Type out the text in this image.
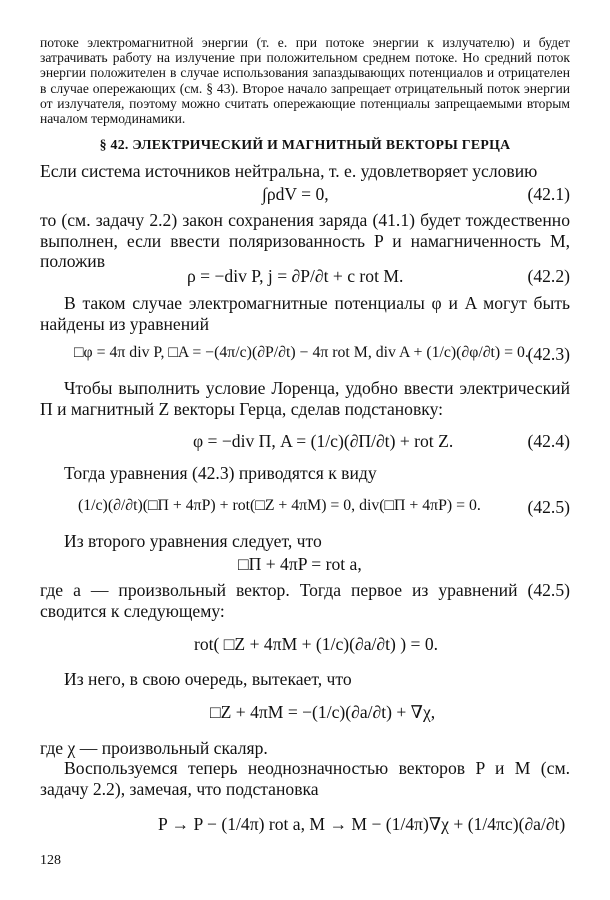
потоке электромагнитной энергии (т. е. при потоке энергии к излучателю) и будет затрачивать работу на излучение при положительном среднем потоке. Но средний поток энергии положителен в случае использования запаздывающих потенциалов и отрицателен в случае опережающих (см. § 43). Второе начало запрещает отрицательный поток энергии от излучателя, поэтому можно считать опережающие потенциалы запрещаемыми вторым началом термодинамики.
§ 42. ЭЛЕКТРИЧЕСКИЙ И МАГНИТНЫЙ ВЕКТОРЫ ГЕРЦА
Если система источников нейтральна, т. е. удовлетворяет условию
∫ρdV = 0,	(42.1)
то (см. задачу 2.2) закон сохранения заряда (41.1) будет тождественно выполнен, если ввести поляризованность P и намагниченность M, положив
ρ = −div P, j = ∂P/∂t + c rot M.	(42.2)
В таком случае электромагнитные потенциалы φ и A могут быть найдены из уравнений
□φ = 4π div P, □A = −(4π/c)(∂P/∂t) − 4π rot M, div A + (1/c)(∂φ/∂t) = 0.
(42.3)
Чтобы выполнить условие Лоренца, удобно ввести электрический Π и магнитный Z векторы Герца, сделав подстановку:
φ = −div Π, A = (1/c)(∂Π/∂t) + rot Z.	(42.4)
Тогда уравнения (42.3) приводятся к виду
(1/c)(∂/∂t)(□Π + 4πP) + rot(□Z + 4πM) = 0, div(□Π + 4πP) = 0.	(42.5)
Из второго уравнения следует, что
□Π + 4πP = rot a,
где a — произвольный вектор. Тогда первое из уравнений (42.5) сводится к следующему:
rot( □Z + 4πM + (1/c)(∂a/∂t) ) = 0.
Из него, в свою очередь, вытекает, что
□Z + 4πM = −(1/c)(∂a/∂t) + ∇χ,
где χ — произвольный скаляр.
Воспользуемся теперь неоднозначностью векторов P и M (см. задачу 2.2), замечая, что подстановка
P → P − (1/4π) rot a, M → M − (1/4π)∇χ + (1/4πc)(∂a/∂t)
128
